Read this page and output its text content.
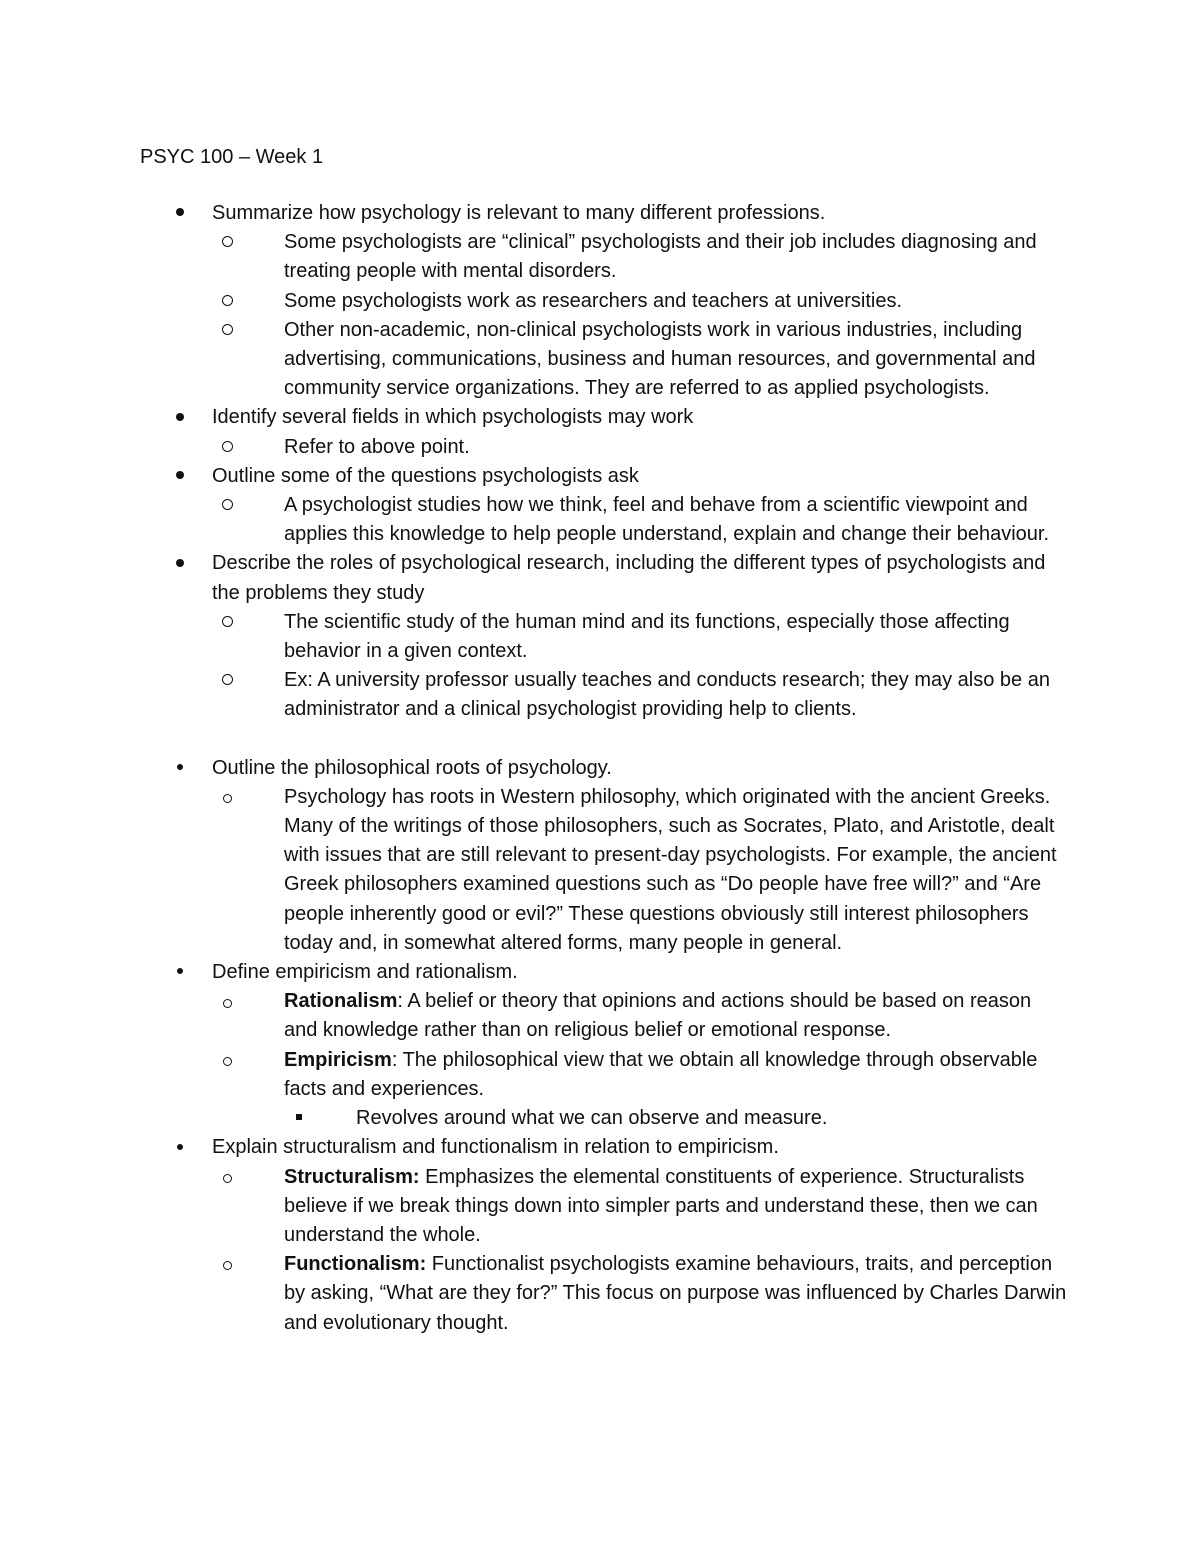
PSYC 100 – Week 1
Summarize how psychology is relevant to many different professions.
Some psychologists are “clinical” psychologists and their job includes diagnosing and treating people with mental disorders.
Some psychologists work as researchers and teachers at universities.
Other non-academic, non-clinical psychologists work in various industries, including advertising, communications, business and human resources, and governmental and community service organizations. They are referred to as applied psychologists.
Identify several fields in which psychologists may work
Refer to above point.
Outline some of the questions psychologists ask
A psychologist studies how we think, feel and behave from a scientific viewpoint and applies this knowledge to help people understand, explain and change their behaviour.
Describe the roles of psychological research, including the different types of psychologists and the problems they study
The scientific study of the human mind and its functions, especially those affecting behavior in a given context.
Ex: A university professor usually teaches and conducts research; they may also be an administrator and a clinical psychologist providing help to clients.
Outline the philosophical roots of psychology.
Psychology has roots in Western philosophy, which originated with the ancient Greeks. Many of the writings of those philosophers, such as Socrates, Plato, and Aristotle, dealt with issues that are still relevant to present-day psychologists. For example, the ancient Greek philosophers examined questions such as “Do people have free will?” and “Are people inherently good or evil?” These questions obviously still interest philosophers today and, in somewhat altered forms, many people in general.
Define empiricism and rationalism.
Rationalism: A belief or theory that opinions and actions should be based on reason and knowledge rather than on religious belief or emotional response.
Empiricism: The philosophical view that we obtain all knowledge through observable facts and experiences.
Revolves around what we can observe and measure.
Explain structuralism and functionalism in relation to empiricism.
Structuralism: Emphasizes the elemental constituents of experience. Structuralists believe if we break things down into simpler parts and understand these, then we can understand the whole.
Functionalism: Functionalist psychologists examine behaviours, traits, and perception by asking, “What are they for?” This focus on purpose was influenced by Charles Darwin and evolutionary thought.
